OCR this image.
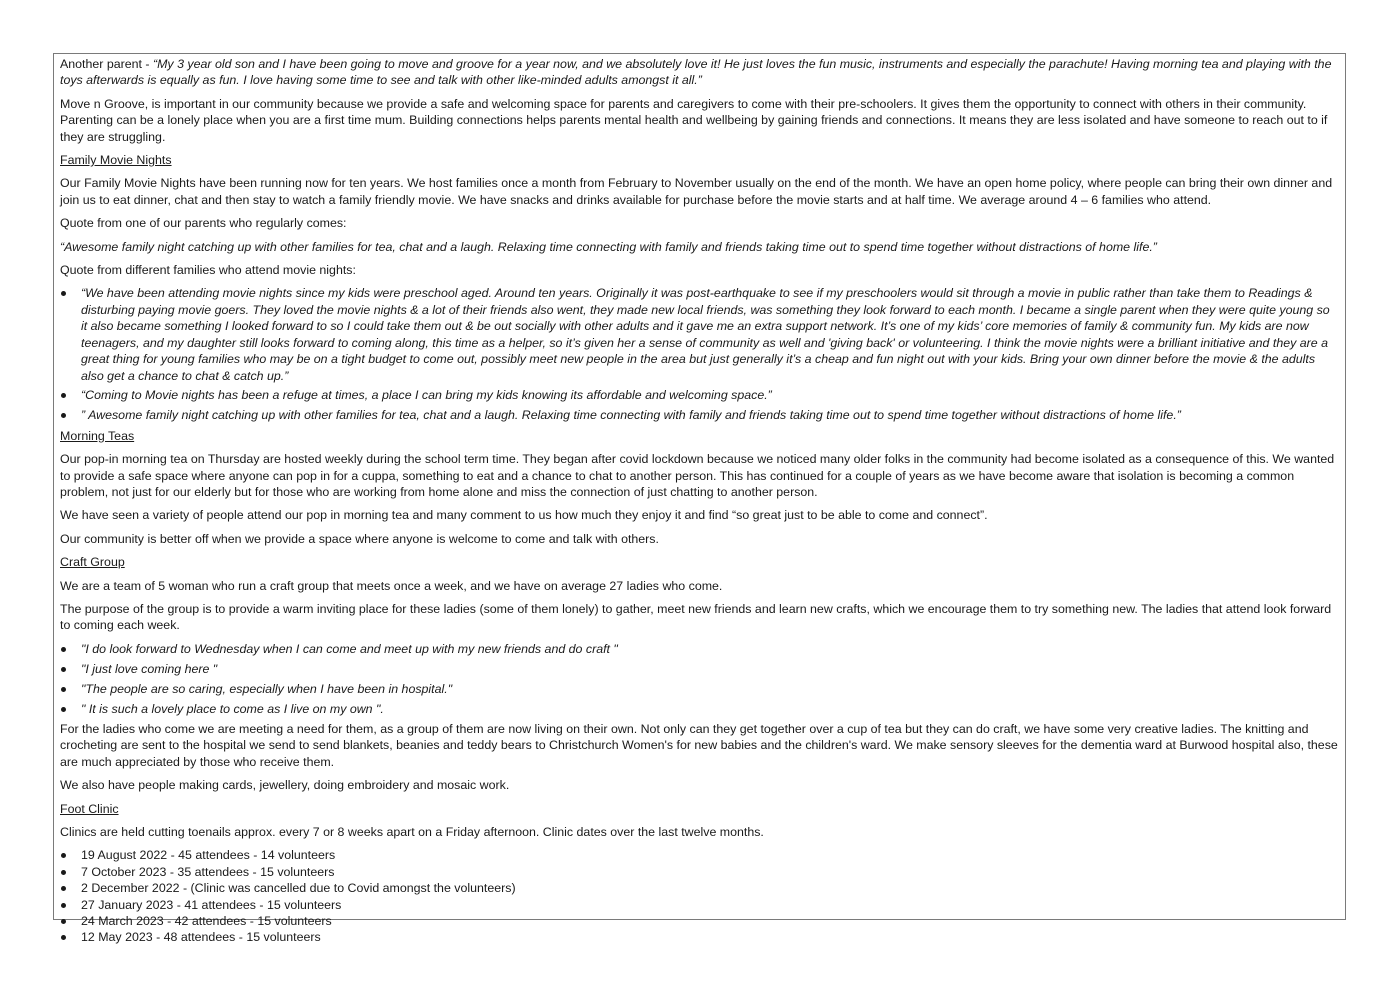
Another parent - “My 3 year old son and I have been going to move and groove for a year now, and we absolutely love it! He just loves the fun music, instruments and especially the parachute! Having morning tea and playing with the toys afterwards is equally as fun. I love having some time to see and talk with other like-minded adults amongst it all.”

Move n Groove, is important in our community because we provide a safe and welcoming space for parents and caregivers to come with their pre-schoolers. It gives them the opportunity to connect with others in their community. Parenting can be a lonely place when you are a first time mum. Building connections helps parents mental health and wellbeing by gaining friends and connections. It means they are less isolated and have someone to reach out to if they are struggling.

Family Movie Nights

Our Family Movie Nights have been running now for ten years. We host families once a month from February to November usually on the end of the month. We have an open home policy, where people can bring their own dinner and join us to eat dinner, chat and then stay to watch a family friendly movie. We have snacks and drinks available for purchase before the movie starts and at half time. We average around 4 – 6 families who attend.

Quote from one of our parents who regularly comes:

“Awesome family night catching up with other families for tea, chat and a laugh. Relaxing time connecting with family and friends taking time out to spend time together without distractions of home life.”

Quote from different families who attend movie nights:

“We have been attending movie nights since my kids were preschool aged. Around ten years. Originally it was post-earthquake to see if my preschoolers would sit through a movie in public rather than take them to Readings & disturbing paying movie goers. They loved the movie nights & a lot of their friends also went, they made new local friends, was something they look forward to each month. I became a single parent when they were quite young so it also became something I looked forward to so I could take them out & be out socially with other adults and it gave me an extra support network. It’s one of my kids’ core memories of family & community fun. My kids are now teenagers, and my daughter still looks forward to coming along, this time as a helper, so it’s given her a sense of community as well and 'giving back' or volunteering. I think the movie nights were a brilliant initiative and they are a great thing for young families who may be on a tight budget to come out, possibly meet new people in the area but just generally it’s a cheap and fun night out with your kids. Bring your own dinner before the movie & the adults also get a chance to chat & catch up.”
“Coming to Movie nights has been a refuge at times, a place I can bring my kids knowing its affordable and welcoming space.”
” Awesome family night catching up with other families for tea, chat and a laugh. Relaxing time connecting with family and friends taking time out to spend time together without distractions of home life.”

Morning Teas

Our pop-in morning tea on Thursday are hosted weekly during the school term time. They began after covid lockdown because we noticed many older folks in the community had become isolated as a consequence of this. We wanted to provide a safe space where anyone can pop in for a cuppa, something to eat and a chance to chat to another person. This has continued for a couple of years as we have become aware that isolation is becoming a common problem, not just for our elderly but for those who are working from home alone and miss the connection of just chatting to another person.

We have seen a variety of people attend our pop in morning tea and many comment to us how much they enjoy it and find “so great just to be able to come and connect”.

Our community is better off when we provide a space where anyone is welcome to come and talk with others.

Craft Group

We are a team of 5 woman who run a craft group that meets once a week, and we have on average 27 ladies who come.

The purpose of the group is to provide a warm inviting place for these ladies (some of them lonely) to gather, meet new friends and learn new crafts, which we encourage them to try something new. The ladies that attend look forward to coming each week.

"I do look forward to Wednesday when I can come and meet up with my new friends and do craft "
"I just love coming here "
"The people are so caring, especially when I have been in hospital."
" It is such a lovely place to come as I live on my own ".

For the ladies who come we are meeting a need for them, as a group of them are now living on their own. Not only can they get together over a cup of tea but they can do craft, we have some very creative ladies. The knitting and crocheting are sent to the hospital we send to send blankets, beanies and teddy bears to Christchurch Women's for new babies and the children's ward. We make sensory sleeves for the dementia ward at Burwood hospital also, these are much appreciated by those who receive them.

We also have people making cards, jewellery, doing embroidery and mosaic work.

Foot Clinic

Clinics are held cutting toenails approx. every 7 or 8 weeks apart on a Friday afternoon. Clinic dates over the last twelve months.

19 August 2022 - 45 attendees - 14 volunteers
7 October 2023 - 35 attendees - 15 volunteers
2 December 2022 - (Clinic was cancelled due to Covid amongst the volunteers)
27 January 2023 - 41 attendees - 15 volunteers
24 March 2023 - 42 attendees - 15 volunteers
12 May 2023 - 48 attendees - 15 volunteers
